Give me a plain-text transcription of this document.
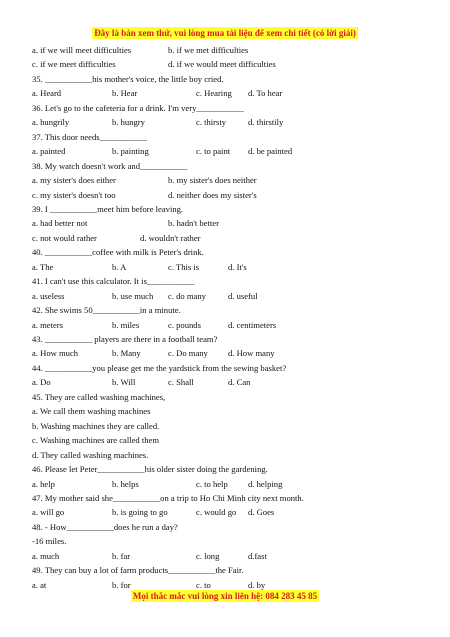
Đây là bản xem thử, vui lòng mua tài liệu để xem chi tiết (có lời giải)
a. if we will meet difficulties	b. if we met difficulties
c. if we meet difficulties	d. if we would meet difficulties
35. ___________his mother's voice, the little boy cried.
a. Heard	b. Hear	c. Hearing d. To hear
36. Let's go to the cafeteria for a drink. I'm very___________
a. hungrily	b. hungry	c. thirsty	d. thirstily
37. This door needs___________
a. painted	b. painting	c. to paint d. be painted
38. My watch doesn't work and___________
a. my sister's does either	b. my sister's does neither
c. my sister's doesn't too	d. neither does my sister's
39. I ___________meet him before leaving.
a. had better not	b. hadn't better
c. not would rather	d. wouldn't rather
40. ___________coffee with milk is Peter's drink.
a. The	b. A	c. This is	d. It's
41. I can't use this calculator. It is___________
a. useless	b. use much c. do many	d. useful
42. She swims 50___________in a minute.
a. meters	b. miles	c. pounds	d. centimeters
43. ___________ players are there in a football team?
a. How much	b. Many	c. Do many d. How many
44. ___________you please get me the yardstick from the sewing basket?
a. Do	b. Will	c. Shall	d. Can
45. They are called washing machines,
a. We call them washing machines
b. Washing machines they are called.
c. Washing machines are called them
d. They called washing machines.
46. Please let Peter___________his older sister doing the gardening.
a. help	b. helps	c. to help d. helping
47. My mother said she___________on a trip to Ho Chi Minh city next month.
a. will go	b. is going to go	c. would go d. Goes
48. - How___________does he run a day?
-16 miles.
a. much	b. far	c. long	d.fast
49. They can buy a lot of farm products___________the Fair.
a. at	b. for	c. to	d. by
Mọi thắc mắc vui lòng xin liên hệ: 084 283 45 85
